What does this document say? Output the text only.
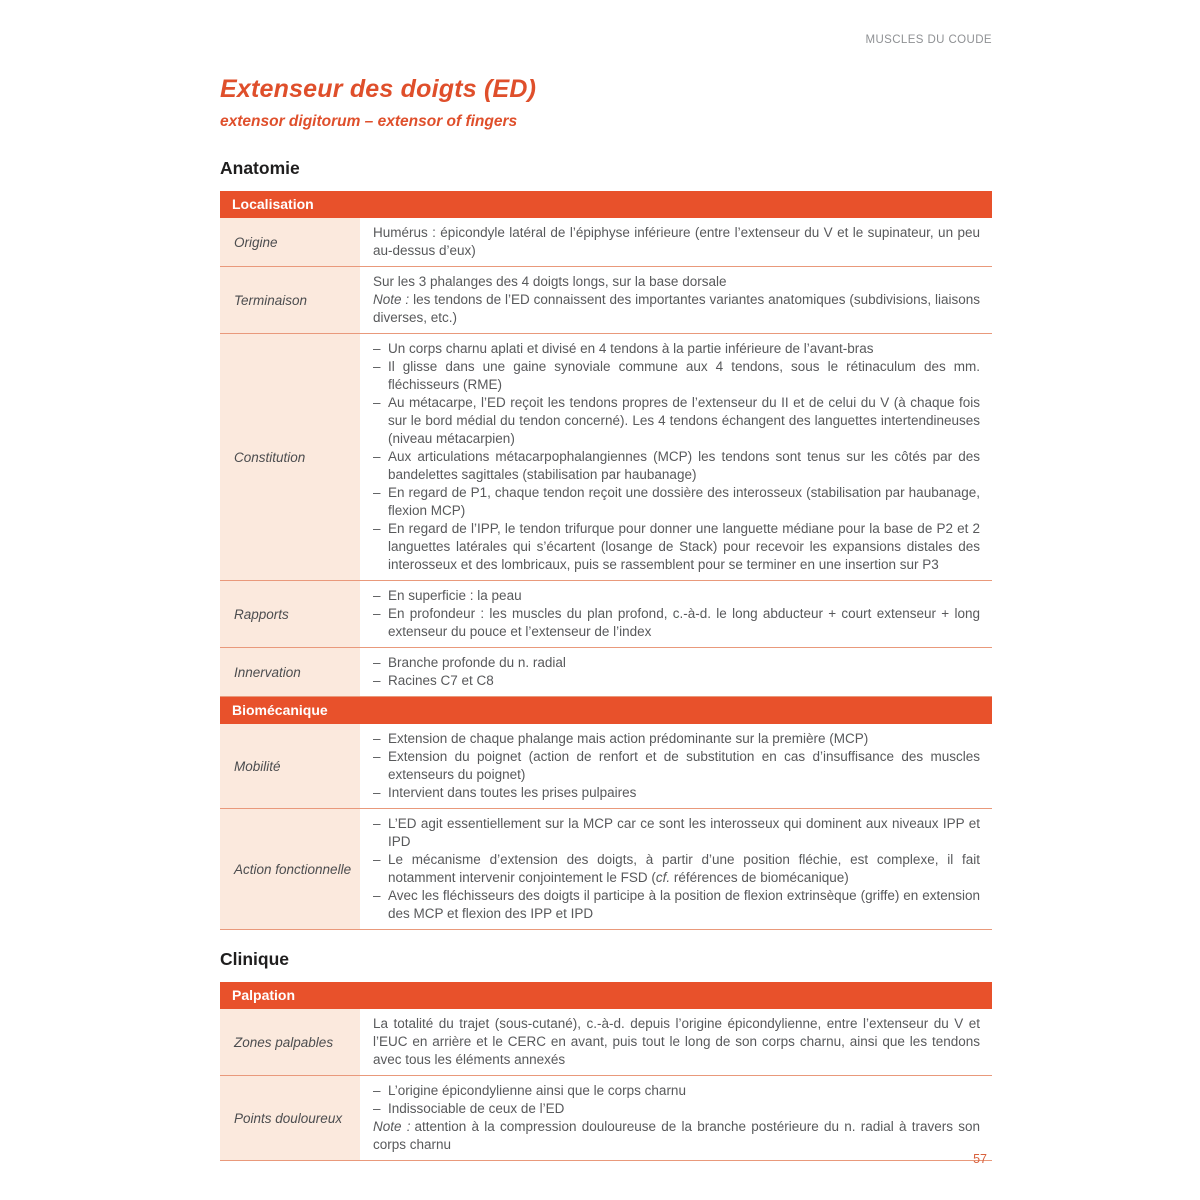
MUSCLES DU COUDE
Extenseur des doigts (ED)
extensor digitorum – extensor of fingers
Anatomie
Localisation
Origine

Humérus : épicondyle latéral de l’épiphyse inférieure (entre l’extenseur du V et le supinateur, un peu au-dessus d’eux)

Terminaison

Sur les 3 phalanges des 4 doigts longs, sur la base dorsale

Note : les tendons de l’ED connaissent des importantes variantes anatomiques (subdivisions, liaisons diverses, etc.)

Constitution
– Un corps charnu aplati et divisé en 4 tendons à la partie inférieure de l’avant-bras
– Il glisse dans une gaine synoviale commune aux 4 tendons, sous le rétinaculum des mm. fléchisseurs (RME)
– Au métacarpe, l’ED reçoit les tendons propres de l’extenseur du II et de celui du V (à chaque fois sur le bord médial du tendon concerné). Les 4 tendons échangent des languettes intertendineuses (niveau métacarpien)
– Aux articulations métacarpophalangiennes (MCP) les tendons sont tenus sur les côtés par des bandelettes sagittales (stabilisation par haubanage)
– En regard de P1, chaque tendon reçoit une dossière des interosseux (stabilisation par haubanage, flexion MCP)
– En regard de l’IPP, le tendon trifurque pour donner une languette médiane pour la base de P2 et 2 languettes latérales qui s’écartent (losange de Stack) pour recevoir les expansions distales des interosseux et des lombricaux, puis se rassemblent pour se terminer en une insertion sur P3
Rapports
– En superficie : la peau
– En profondeur : les muscles du plan profond, c.-à-d. le long abducteur + court extenseur + long extenseur du pouce et l’extenseur de l’index
Innervation
– Branche profonde du n. radial
– Racines C7 et C8
Biomécanique
Mobilité
– Extension de chaque phalange mais action prédominante sur la première (MCP)
– Extension du poignet (action de renfort et de substitution en cas d’insuffisance des muscles extenseurs du poignet)
– Intervient dans toutes les prises pulpaires
Action fonctionnelle
– L’ED agit essentiellement sur la MCP car ce sont les interosseux qui dominent aux niveaux IPP et IPD
– Le mécanisme d’extension des doigts, à partir d’une position fléchie, est complexe, il fait notamment intervenir conjointement le FSD (cf. références de biomécanique)
– Avec les fléchisseurs des doigts il participe à la position de flexion extrinsèque (griffe) en extension des MCP et flexion des IPP et IPD
Clinique
Palpation
Zones palpables

La totalité du trajet (sous-cutané), c.-à-d. depuis l’origine épicondylienne, entre l’extenseur du V et l’EUC en arrière et le CERC en avant, puis tout le long de son corps charnu, ainsi que les tendons avec tous les éléments annexés

Points douloureux
– L’origine épicondylienne ainsi que le corps charnu
– Indissociable de ceux de l’ED

Note : attention à la compression douloureuse de la branche postérieure du n. radial à travers son corps charnu

57
